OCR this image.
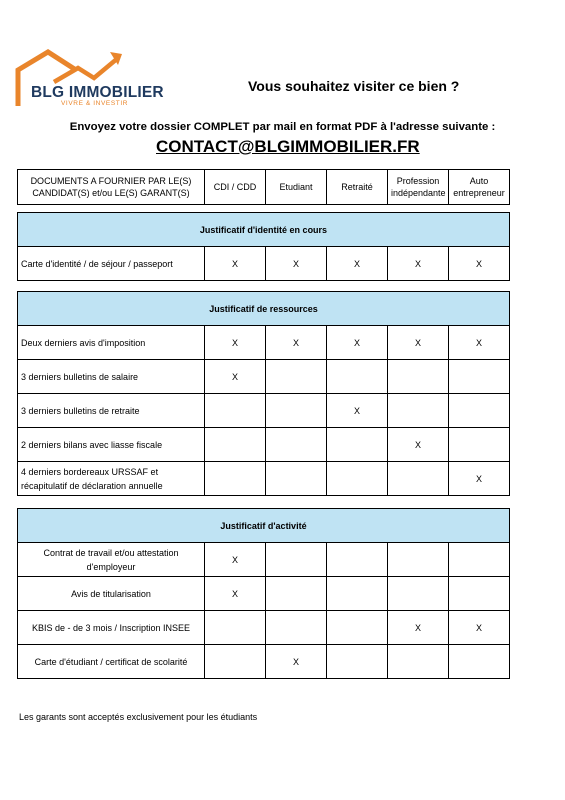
BLG IMMOBILIER
VIVRE & INVESTIR
Vous souhaitez visiter ce bien ?
Envoyez votre dossier COMPLET par mail en format PDF à l'adresse suivante :
CONTACT@BLGIMMOBILIER.FR
DOCUMENTS A FOURNIER PAR LE(S) CANDIDAT(S) et/ou LE(S) GARANT(S)	CDI / CDD	Etudiant	Retraité	Profession indépendante	Auto entrepreneur
Justificatif d'identité en cours
Carte d'identité / de séjour / passeport	X	X	X	X	X
Justificatif de ressources					
Deux derniers avis d'imposition	X	X	X	X	X
3 derniers bulletins de salaire	X				
3 derniers bulletins de retraite			X		
2 derniers bilans avec liasse fiscale				X	
4 derniers bordereaux URSSAF et récapitulatif de déclaration annuelle					X
Justificatif d'activité					
Contrat de travail et/ou attestation d'employeur	X				
Avis de titularisation	X				
KBIS de - de 3 mois / Inscription INSEE				X	X
Carte d'étudiant / certificat de scolarité		X			
Les garants sont acceptés exclusivement pour les étudiants
